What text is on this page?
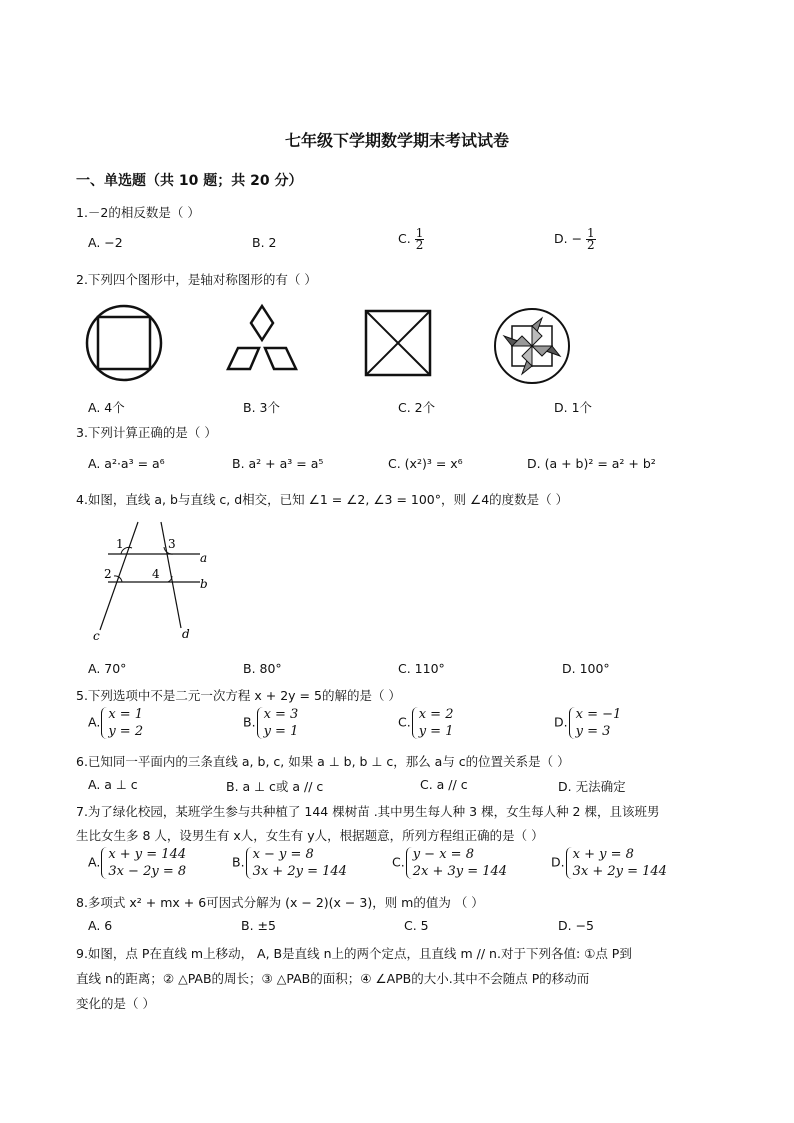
七年级下学期数学期末考试试卷
一、单选题（共 10 题；共 20 分）
1.－2的相反数是（ ）
A. −2	B. 2	C. $\frac{1}{2}$	D. − $\frac{1}{2}$
2.下列四个图形中，是轴对称图形的有（ ）
A. 4个	B. 3个	C. 2个	D. 1个
3.下列计算正确的是（ ）
A. a²·a³ = a⁶	B. a² + a³ = a⁵	C. (x²)³ = x⁶	D. (a + b)² = a² + b²
4.如图，直线 a, b与直线 c, d相交，已知 ∠1 = ∠2, ∠3 = 100°，则 ∠4的度数是（ ）
1	3
2	4
a
b
c	d
A. 70°	B. 80°	C. 110°	D. 100°
5.下列选项中不是二元一次方程 x + 2y = 5的解的是（ ）
A. x = 1
y = 2
B. x = 3
y = 1
C. x = 2
y = 1
D. x = −1
y = 3
6.已知同一平面内的三条直线 a, b, c, 如果 a ⊥ b, b ⊥ c，那么 a与 c的位置关系是（ ）
A. a ⊥ c	B. a ⊥ c或 a // c	C. a // c	D. 无法确定
7.为了绿化校园，某班学生参与共种植了 144 棵树苗 .其中男生每人种 3 棵，女生每人种 2 棵，且该班男
生比女生多 8 人，设男生有 x人，女生有 y人，根据题意，所列方程组正确的是（ ）
A. x + y = 144
3x − 2y = 8
B. x − y = 8
3x + 2y = 144
C. y − x = 8
2x + 3y = 144
D. x + y = 8
3x + 2y = 144
8.多项式 x² + mx + 6可因式分解为 (x − 2)(x − 3)，则 m的值为 （ ）
A. 6	B. ±5	C. 5	D. −5
9.如图，点 P在直线 m上移动， A, B是直线 n上的两个定点，且直线 m // n.对于下列各值: ①点 P到
直线 n的距离；② △PAB的周长；③ △PAB的面积；④ ∠APB的大小.其中不会随点 P的移动而
变化的是（ ）
